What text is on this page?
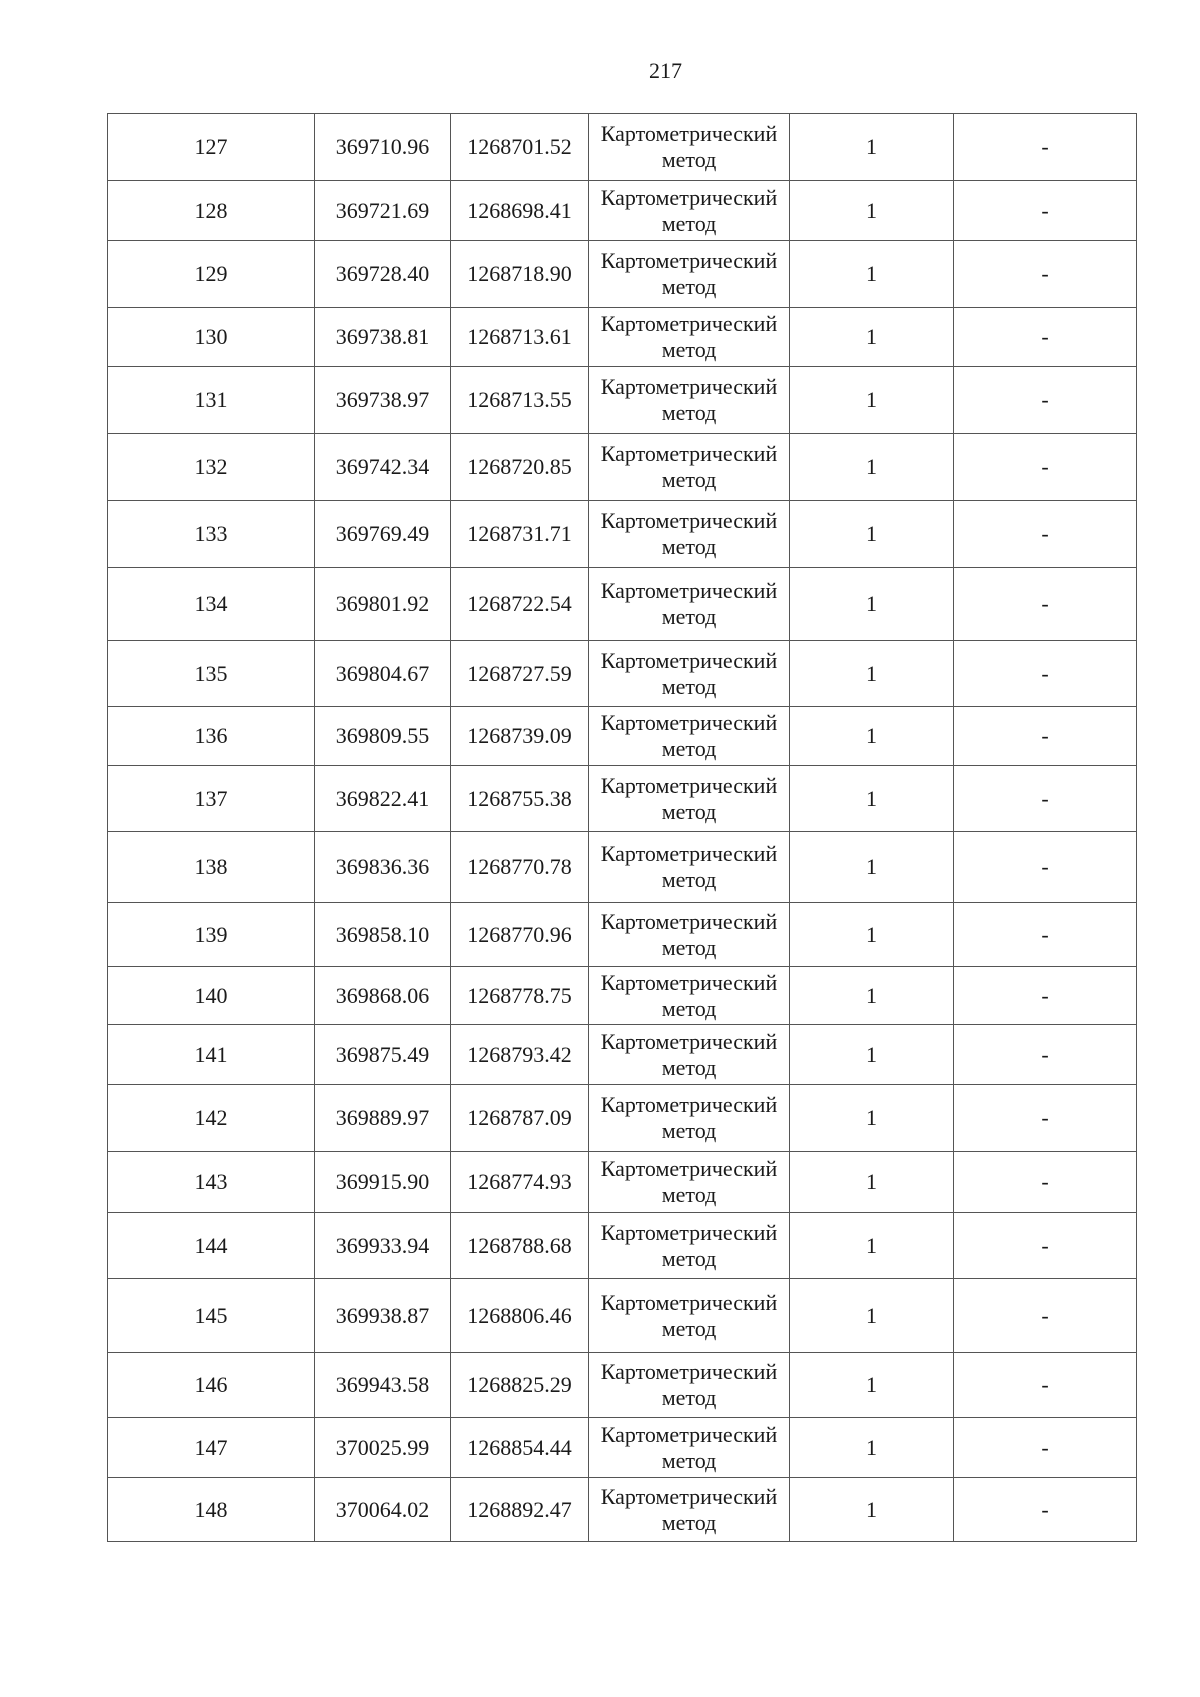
217
127	369710.96	1268701.52	Картометрический метод	1	-
128	369721.69	1268698.41	Картометрический метод	1	-
129	369728.40	1268718.90	Картометрический метод	1	-
130	369738.81	1268713.61	Картометрический метод	1	-
131	369738.97	1268713.55	Картометрический метод	1	-
132	369742.34	1268720.85	Картометрический метод	1	-
133	369769.49	1268731.71	Картометрический метод	1	-
134	369801.92	1268722.54	Картометрический метод	1	-
135	369804.67	1268727.59	Картометрический метод	1	-
136	369809.55	1268739.09	Картометрический метод	1	-
137	369822.41	1268755.38	Картометрический метод	1	-
138	369836.36	1268770.78	Картометрический метод	1	-
139	369858.10	1268770.96	Картометрический метод	1	-
140	369868.06	1268778.75	Картометрический метод	1	-
141	369875.49	1268793.42	Картометрический метод	1	-
142	369889.97	1268787.09	Картометрический метод	1	-
143	369915.90	1268774.93	Картометрический метод	1	-
144	369933.94	1268788.68	Картометрический метод	1	-
145	369938.87	1268806.46	Картометрический метод	1	-
146	369943.58	1268825.29	Картометрический метод	1	-
147	370025.99	1268854.44	Картометрический метод	1	-
148	370064.02	1268892.47	Картометрический метод	1	-
